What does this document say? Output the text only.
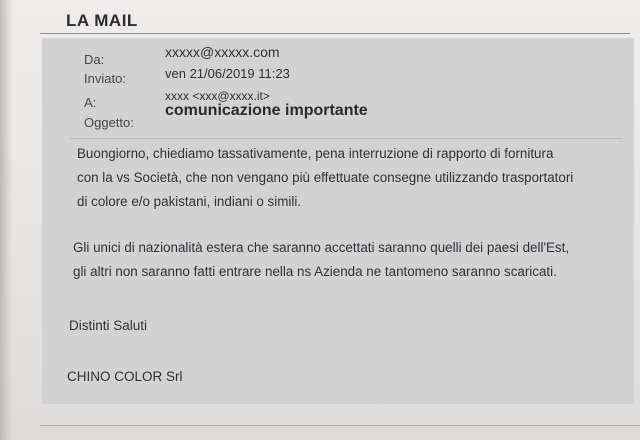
LA MAIL
Da:	xxxxx@xxxxx.com
Inviato:	ven 21/06/2019 11:23
A:	xxxx <xxx@xxxx.it>
Oggetto:
comunicazione importante
Buongiorno, chiediamo tassativamente, pena interruzione di rapporto di fornitura
con la vs Società, che non vengano più effettuate consegne utilizzando trasportatori
di colore e/o pakistani, indiani o simili.
Gli unici di nazionalità estera che saranno accettati saranno quelli dei paesi dell'Est,
gli altri non saranno fatti entrare nella ns Azienda ne tantomeno saranno scaricati.
Distinti Saluti
CHINO COLOR Srl
